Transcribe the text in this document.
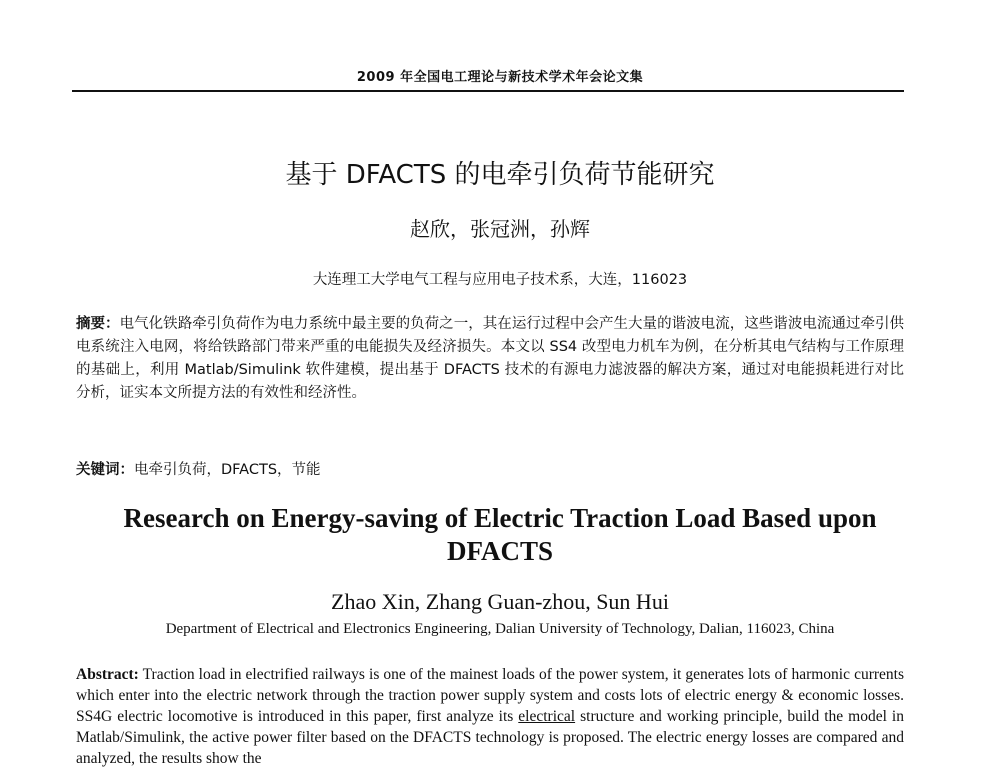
2009 年全国电工理论与新技术学术年会论文集
基于 DFACTS 的电牵引负荷节能研究
赵欣，张冠洲，孙辉
大连理工大学电气工程与应用电子技术系，大连，116023
摘要：电气化铁路牵引负荷作为电力系统中最主要的负荷之一，其在运行过程中会产生大量的谐波电流，这些谐波电流通过牵引供电系统注入电网，将给铁路部门带来严重的电能损失及经济损失。本文以 SS4 改型电力机车为例，在分析其电气结构与工作原理的基础上，利用 Matlab/Simulink 软件建模，提出基于 DFACTS 技术的有源电力滤波器的解决方案，通过对电能损耗进行对比分析，证实本文所提方法的有效性和经济性。
关键词：电牵引负荷，DFACTS，节能
Research on Energy-saving of Electric Traction Load Based upon DFACTS
Zhao Xin, Zhang Guan-zhou, Sun Hui
Department of Electrical and Electronics Engineering, Dalian University of Technology, Dalian, 116023, China
Abstract: Traction load in electrified railways is one of the mainest loads of the power system, it generates lots of harmonic currents which enter into the electric network through the traction power supply system and costs lots of electric energy & economic losses. SS4G electric locomotive is introduced in this paper, first analyze its electrical structure and working principle, build the model in Matlab/Simulink, the active power filter based on the DFACTS technology is proposed. The electric energy losses are compared and analyzed, the results show the
